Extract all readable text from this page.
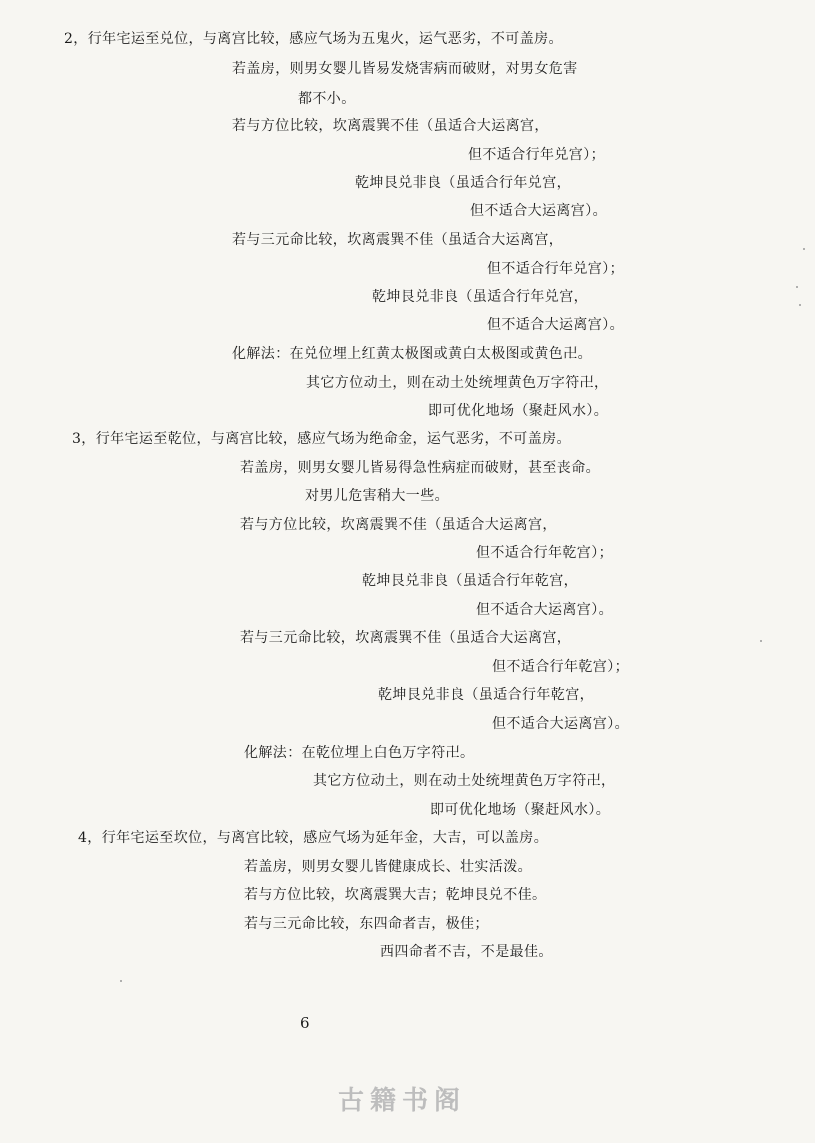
2，行年宅运至兑位，与离宫比较，感应气场为五鬼火，运气恶劣，不可盖房。
若盖房，则男女婴儿皆易发烧害病而破财，对男女危害
都不小。
若与方位比较，坎离震巽不佳（虽适合大运离宫，
但不适合行年兑宫）；
乾坤艮兑非良（虽适合行年兑宫，
但不适合大运离宫）。
若与三元命比较，坎离震巽不佳（虽适合大运离宫，
但不适合行年兑宫）；
乾坤艮兑非良（虽适合行年兑宫，
但不适合大运离宫）。
化解法：在兑位埋上红黄太极图或黄白太极图或黄色卍。
其它方位动土，则在动土处统埋黄色万字符卍，
即可优化地场（聚赶风水）。
3，行年宅运至乾位，与离宫比较，感应气场为绝命金，运气恶劣，不可盖房。
若盖房，则男女婴儿皆易得急性病症而破财，甚至丧命。
对男儿危害稍大一些。
若与方位比较，坎离震巽不佳（虽适合大运离宫，
但不适合行年乾宫）；
乾坤艮兑非良（虽适合行年乾宫，
但不适合大运离宫）。
若与三元命比较，坎离震巽不佳（虽适合大运离宫，
但不适合行年乾宫）；
乾坤艮兑非良（虽适合行年乾宫，
但不适合大运离宫）。
化解法：在乾位埋上白色万字符卍。
其它方位动土，则在动土处统埋黄色万字符卍，
即可优化地场（聚赶风水）。
4，行年宅运至坎位，与离宫比较，感应气场为延年金，大吉，可以盖房。
若盖房，则男女婴儿皆健康成长、壮实活泼。
若与方位比较，坎离震巽大吉；乾坤艮兑不佳。
若与三元命比较，东四命者吉，极佳；
西四命者不吉，不是最佳。
6
古籍书阁
